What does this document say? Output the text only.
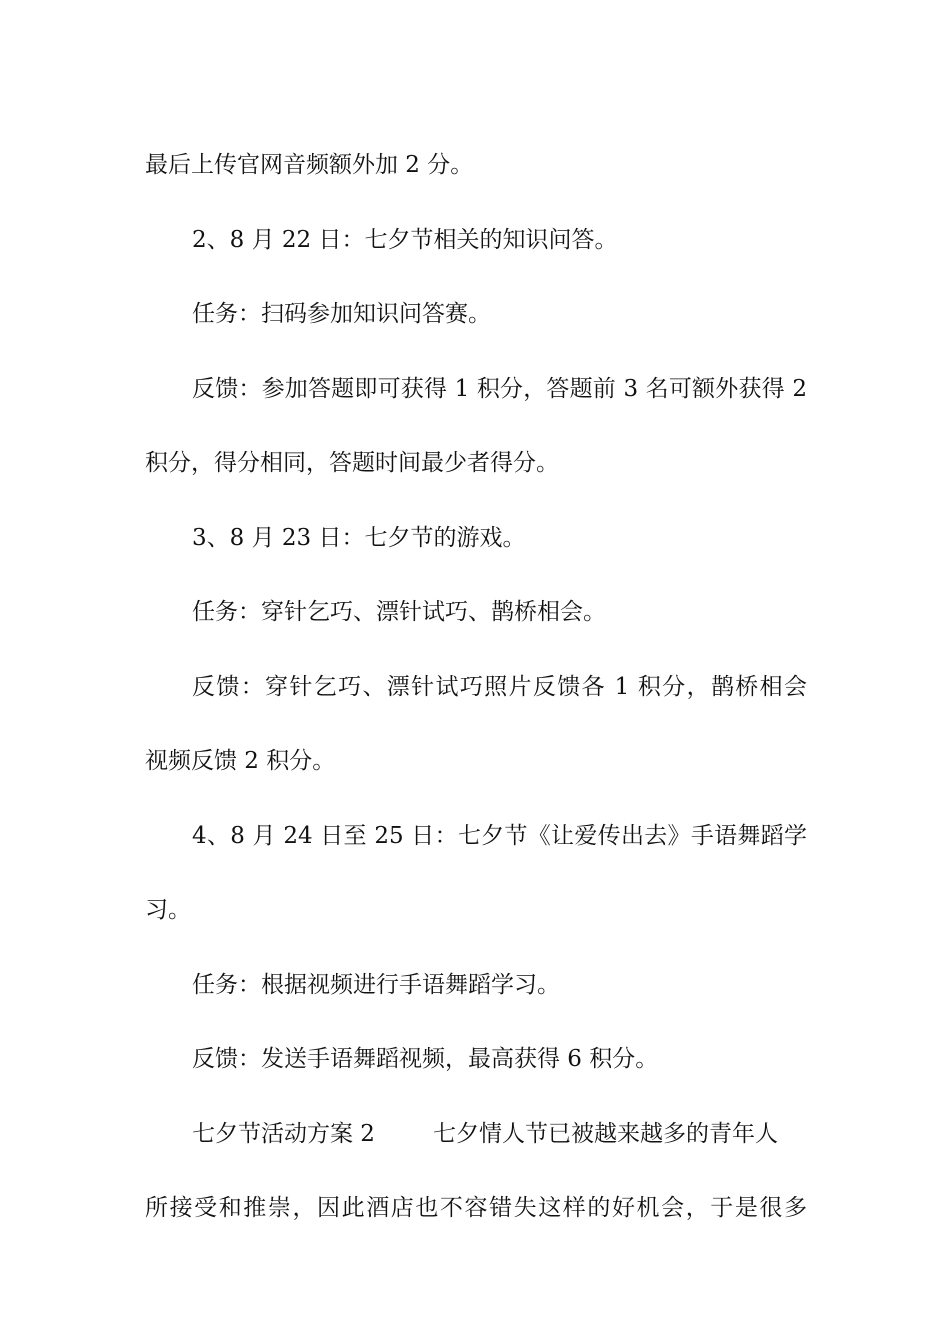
最后上传官网音频额外加 2 分。
2、8 月 22 日：七夕节相关的知识问答。
任务：扫码参加知识问答赛。
反馈：参加答题即可获得 1 积分，答题前 3 名可额外获得 2
积分，得分相同，答题时间最少者得分。
3、8 月 23 日：七夕节的游戏。
任务：穿针乞巧、漂针试巧、鹊桥相会。
反馈：穿针乞巧、漂针试巧照片反馈各 1 积分，鹊桥相会
视频反馈 2 积分。
4、8 月 24 日至 25 日：七夕节《让爱传出去》手语舞蹈学
习。
任务：根据视频进行手语舞蹈学习。
反馈：发送手语舞蹈视频，最高获得 6 积分。
七夕节活动方案 2	七夕情人节已被越来越多的青年人
所接受和推崇，因此酒店也不容错失这样的好机会，于是很多
